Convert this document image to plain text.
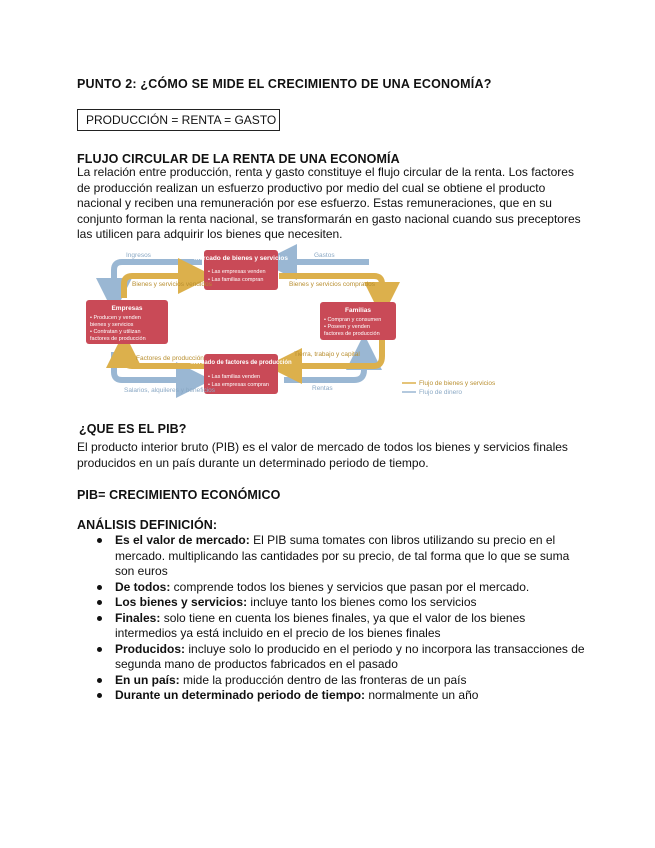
PUNTO 2: ¿CÓMO SE MIDE EL CRECIMIENTO DE UNA ECONOMÍA?
PRODUCCIÓN = RENTA = GASTO
FLUJO CIRCULAR DE LA RENTA DE UNA ECONOMÍA
La relación entre producción, renta y gasto constituye el flujo circular de la renta. Los factores
de producción realizan un esfuerzo productivo por medio del cual se obtiene el producto
nacional y reciben una remuneración por ese esfuerzo. Estas remuneraciones, que en su
conjunto forman la renta nacional, se transformarán en gasto nacional cuando sus preceptores
las utilicen para adquirir los bienes que necesiten.
Mercado de bienes y servicios
• Las empresas venden
• Las familias compran
Empresas
• Producen y venden
bienes y servicios
• Contratan y utilizan
factores de producción
Familias
• Compran y consumen
• Poseen y venden
factores de producción
Mercado de factores de producción
• Las familias venden
• Las empresas compran
Ingresos	Gastos
Bienes y servicios vendidos	Bienes y servicios comprados
Factores de producción
Tierra, trabajo y capital
Salarios, alquileres y beneficios	Rentas
Flujo de bienes y servicios
Flujo de dinero
¿QUE ES EL PIB?
El producto interior bruto (PIB) es el valor de mercado de todos los bienes y servicios finales
producidos en un país durante un determinado periodo de tiempo.
PIB= CRECIMIENTO ECONÓMICO
ANÁLISIS DEFINICIÓN:
Es el valor de mercado: El PIB suma tomates con libros utilizando su precio en el mercado. multiplicando las cantidades por su precio, de tal forma que lo que se suma son euros
De todos: comprende todos los bienes y servicios que pasan por el mercado.
Los bienes y servicios: incluye tanto los bienes como los servicios
Finales: solo tiene en cuenta los bienes finales, ya que el valor de los bienes intermedios ya está incluido en el precio de los bienes finales
Producidos: incluye solo lo producido en el periodo y no incorpora las transacciones de segunda mano de productos fabricados en el pasado
En un país: mide la producción dentro de las fronteras de un país
Durante un determinado periodo de tiempo: normalmente un año
